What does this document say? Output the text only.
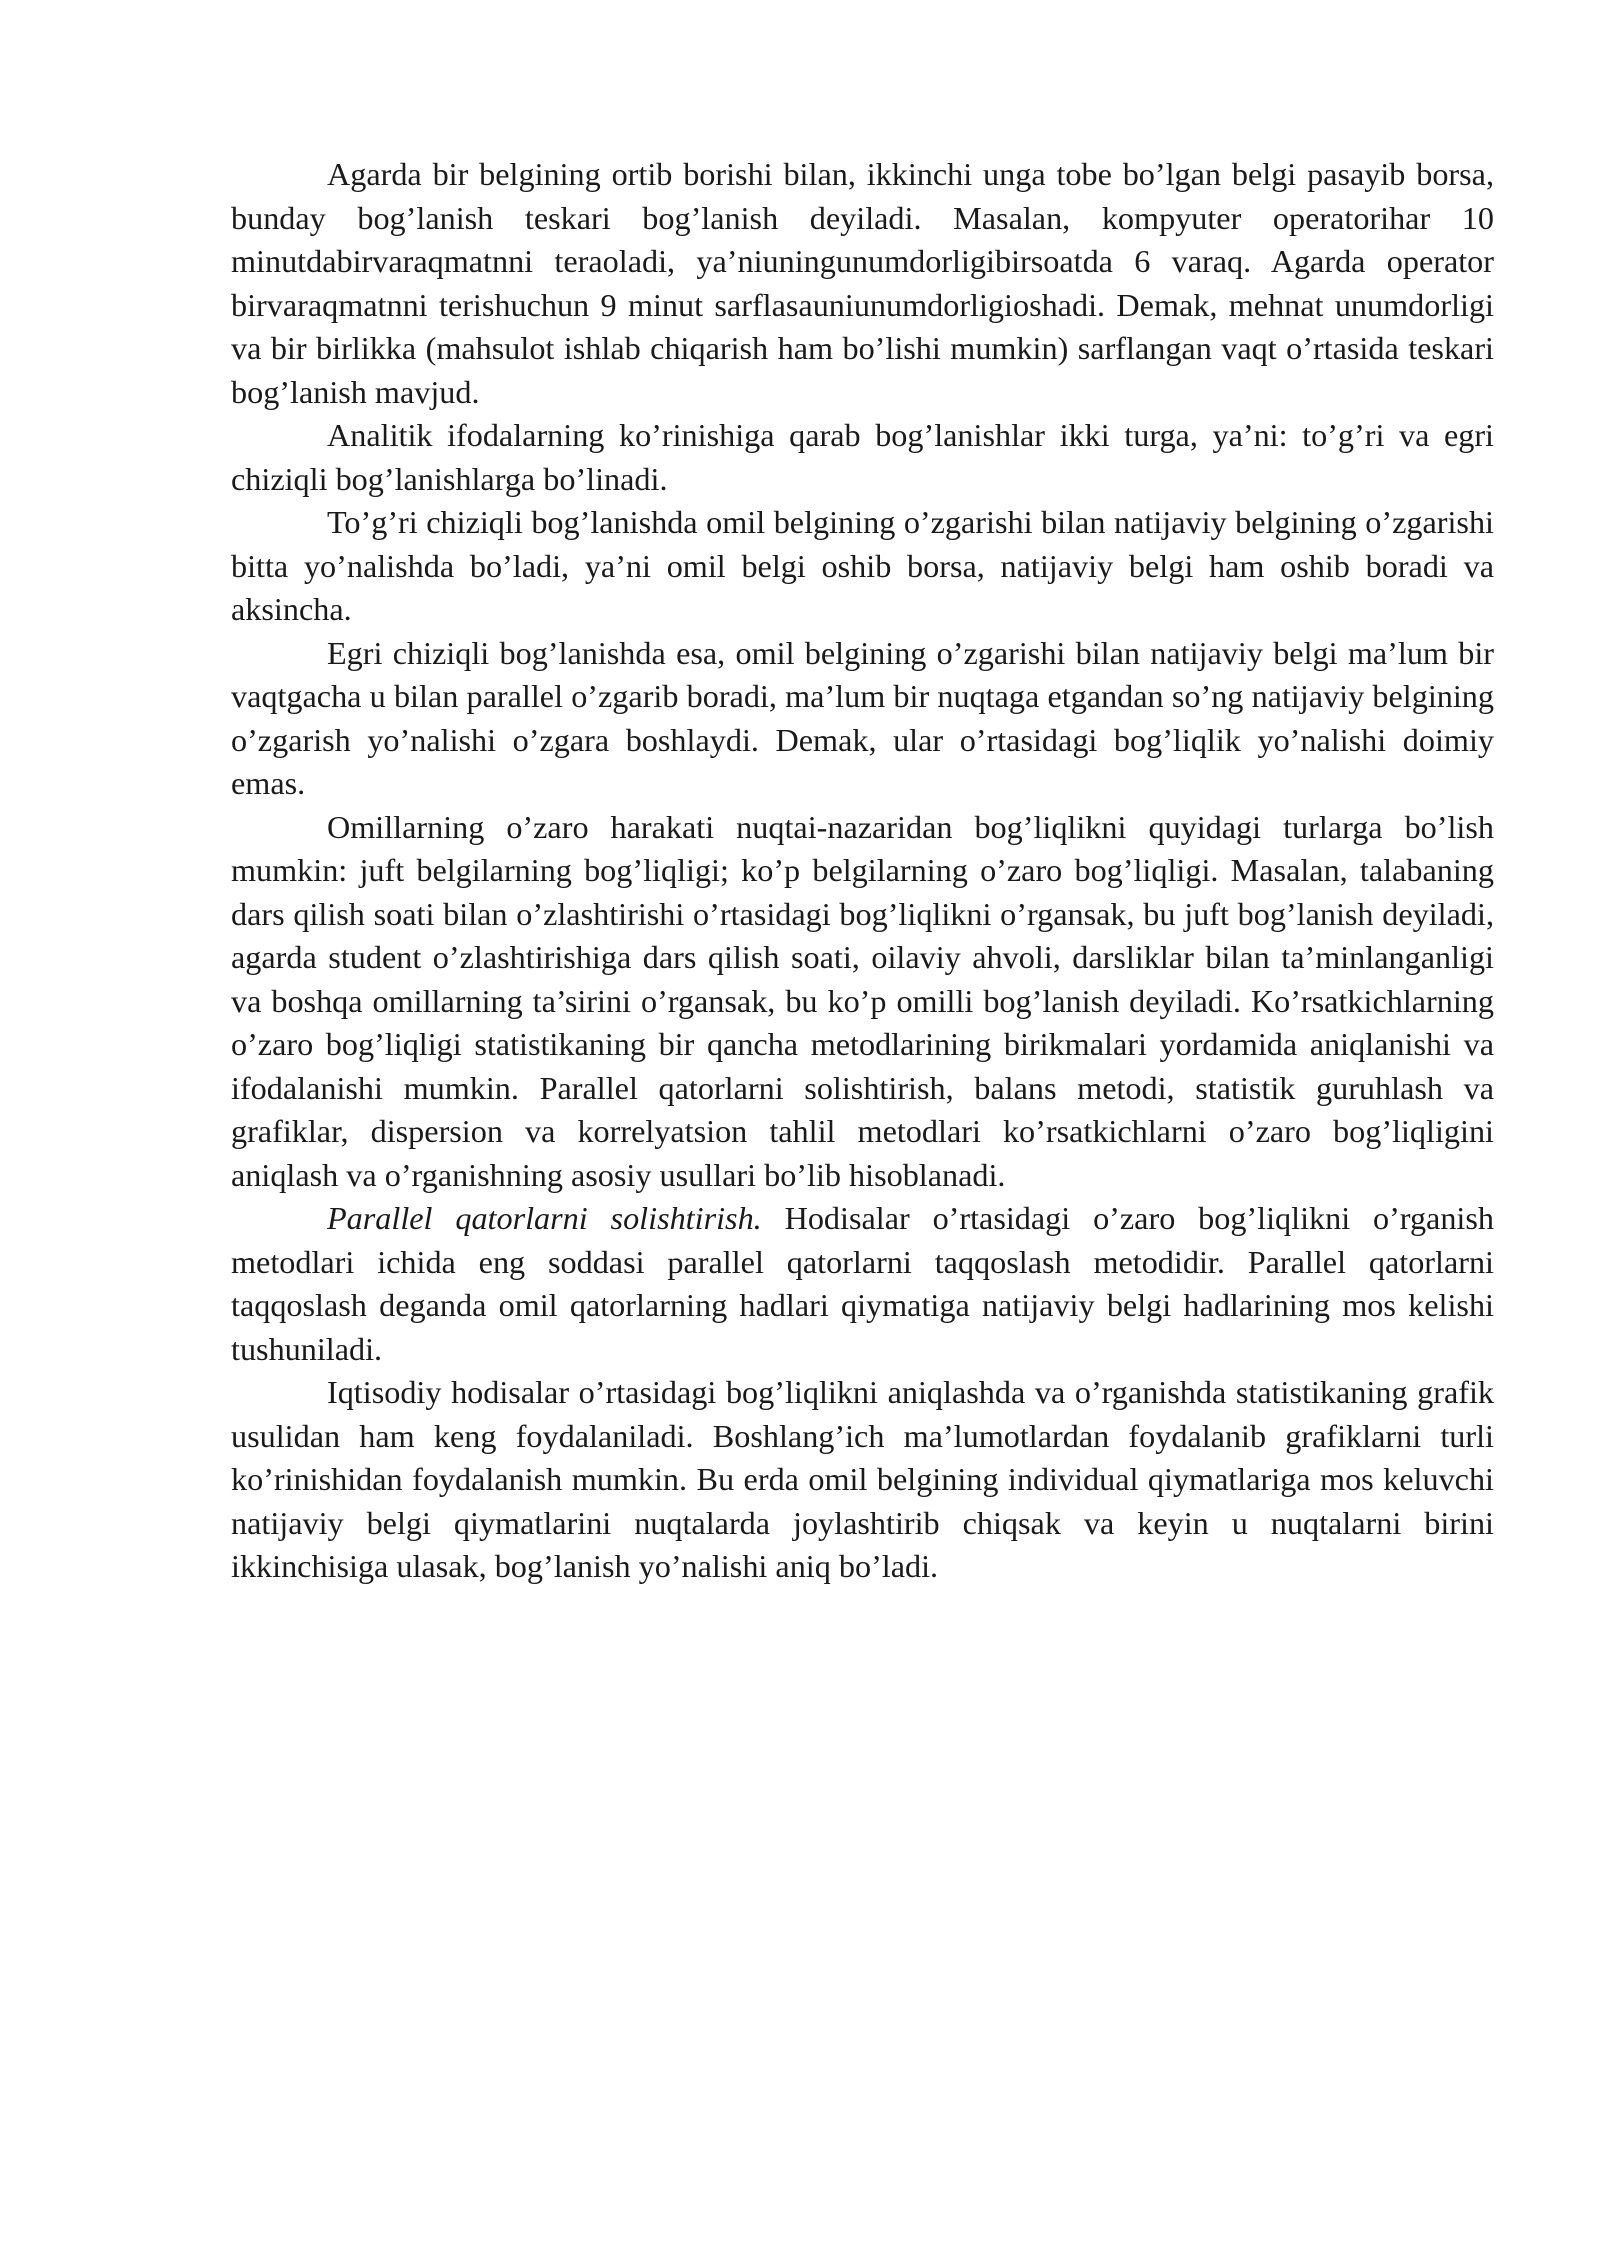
Agarda bir belgining ortib borishi bilan, ikkinchi unga tobe bo’lgan belgi pasayib borsa, bunday bog’lanish teskari bog’lanish deyiladi. Masalan, kompyuter operatorihar 10 minutdabirvaraqmatnni teraoladi, ya’niuningunumdorligibirsoatda 6 varaq. Agarda operator birvaraqmatnni terishuchun 9 minut sarflasauniunumdorligioshadi. Demak, mehnat unumdorligi va bir birlikka (mahsulot ishlab chiqarish ham bo’lishi mumkin) sarflangan vaqt o’rtasida teskari bog’lanish mavjud.

Analitik ifodalarning ko’rinishiga qarab bog’lanishlar ikki turga, ya’ni: to’g’ri va egri chiziqli bog’lanishlarga bo’linadi.

To’g’ri chiziqli bog’lanishda omil belgining o’zgarishi bilan natijaviy belgining o’zgarishi bitta yo’nalishda bo’ladi, ya’ni omil belgi oshib borsa, natijaviy belgi ham oshib boradi va aksincha.

Egri chiziqli bog’lanishda esa, omil belgining o’zgarishi bilan natijaviy belgi ma’lum bir vaqtgacha u bilan parallel o’zgarib boradi, ma’lum bir nuqtaga etgandan so’ng natijaviy belgining o’zgarish yo’nalishi o’zgara boshlaydi. Demak, ular o’rtasidagi bog’liqlik yo’nalishi doimiy emas.

Omillarning o’zaro harakati nuqtai-nazaridan bog’liqlikni quyidagi turlarga bo’lish mumkin: juft belgilarning bog’liqligi; ko’p belgilarning o’zaro bog’liqligi. Masalan, talabaning dars qilish soati bilan o’zlashtirishi o’rtasidagi bog’liqlikni o’rgansak, bu juft bog’lanish deyiladi, agarda student o’zlashtirishiga dars qilish soati, oilaviy ahvoli, darsliklar bilan ta’minlanganligi va boshqa omillarning ta’sirini o’rgansak, bu ko’p omilli bog’lanish deyiladi. Ko’rsatkichlarning o’zaro bog’liqligi statistikaning bir qancha metodlarining birikmalari yordamida aniqlanishi va ifodalanishi mumkin. Parallel qatorlarni solishtirish, balans metodi, statistik guruhlash va grafiklar, dispersion va korrelyatsion tahlil metodlari ko’rsatkichlarni o’zaro bog’liqligini aniqlash va o’rganishning asosiy usullari bo’lib hisoblanadi.

Parallel qatorlarni solishtirish. Hodisalar o’rtasidagi o’zaro bog’liqlikni o’rganish metodlari ichida eng soddasi parallel qatorlarni taqqoslash metodidir. Parallel qatorlarni taqqoslash deganda omil qatorlarning hadlari qiymatiga natijaviy belgi hadlarining mos kelishi tushuniladi.

Iqtisodiy hodisalar o’rtasidagi bog’liqlikni aniqlashda va o’rganishda statistikaning grafik usulidan ham keng foydalaniladi. Boshlang’ich ma’lumotlardan foydalanib grafiklarni turli ko’rinishidan foydalanish mumkin. Bu erda omil belgining individual qiymatlariga mos keluvchi natijaviy belgi qiymatlarini nuqtalarda joylashtirib chiqsak va keyin u nuqtalarni birini ikkinchisiga ulasak, bog’lanish yo’nalishi aniq bo’ladi.
